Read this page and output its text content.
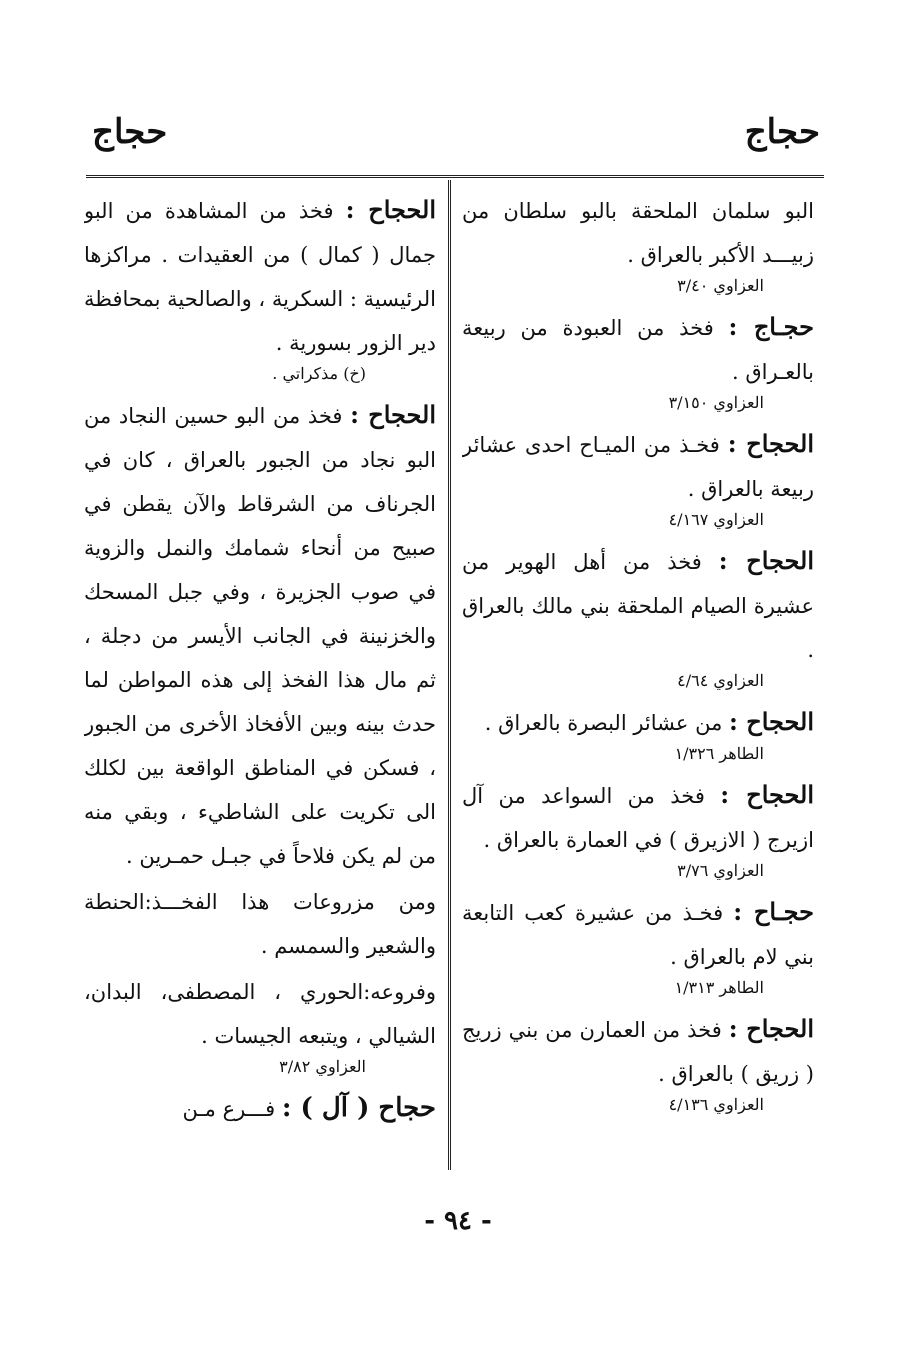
حجاج
حجاج
البو سلمان الملحقة بالبو سلطان من زبيـــد الأكبر بالعراق .
العزاوي ٣/٤٠
حجـاج : فخذ من العبودة من ربيعة بالعـراق .
العزاوي ٣/١٥٠
الحجاح : فخـذ من الميـاح احدى عشائر ربيعة بالعراق .
العزاوي ٤/١٦٧
الحجاح : فخذ من أهل الهوير من عشيرة الصيام الملحقة بني مالك بالعراق .
العزاوي ٤/٦٤
الحجاح : من عشائر البصرة بالعراق .
الطاهر ١/٣٢٦
الحجاح : فخذ من السواعد من آل ازيرج ( الازيرق ) في العمارة بالعراق .
العزاوي ٣/٧٦
حجـاح : فخـذ من عشيرة كعب التابعة بني لام بالعراق .
الطاهر ١/٣١٣
الحجاح : فخذ من العمارن من بني زريج ( زريق ) بالعراق .
العزاوي ٤/١٣٦
الحجاح : فخذ من المشاهدة من البو جمال ( كمال ) من العقيدات . مراكزها الرئيسية : السكرية ، والصالحية بمحافظة دير الزور بسورية .
(خ) مذكراتي .
الحجاح : فخذ من البو حسين النجاد من البو نجاد من الجبور بالعراق ، كان في الجرناف من الشرقاط والآن يقطن في صبيح من أنحاء شمامك والنمل والزوية في صوب الجزيرة ، وفي جبل المسحك والخزنينة في الجانب الأيسر من دجلة ، ثم مال هذا الفخذ إلى هذه المواطن لما حدث بينه وبين الأفخاذ الأخرى من الجبور ، فسكن في المناطق الواقعة بين لكلك الى تكريت على الشاطيء ، وبقي منه من لم يكن فلاحاً في جبـل حمـرين .
ومن مزروعات هذا الفخـــذ:الحنطة والشعير والسمسم .
وفروعه:الحوري ، المصطفى، البدان، الشيالي ، ويتبعه الجيسات .
العزاوي ٣/٨٢
حجاح ( آل ) : فـــرع مـن
- ٩٤ -
